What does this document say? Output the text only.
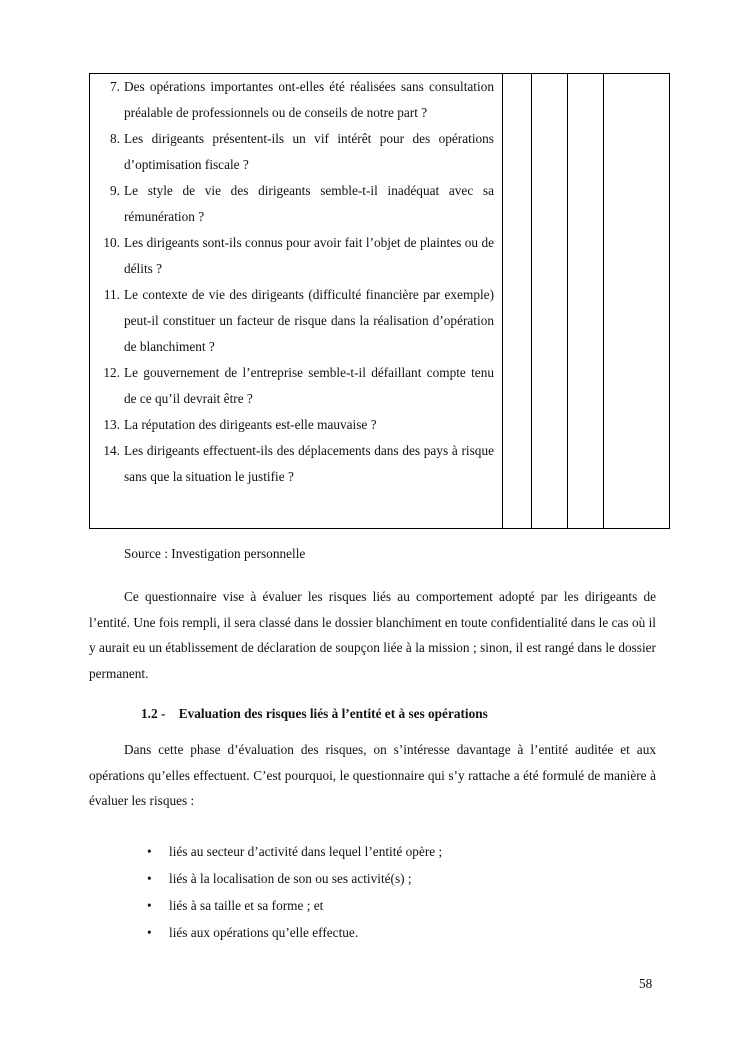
7. Des opérations importantes ont-elles été réalisées sans consultation préalable de professionnels ou de conseils de notre part ?
8. Les dirigeants présentent-ils un vif intérêt pour des opérations d’optimisation fiscale ?
9. Le style de vie des dirigeants semble-t-il inadéquat avec sa rémunération ?
10. Les dirigeants sont-ils connus pour avoir fait l’objet de plaintes ou de délits ?
11. Le contexte de vie des dirigeants (difficulté financière par exemple) peut-il constituer un facteur de risque dans la réalisation d’opération de blanchiment ?
12. Le gouvernement de l’entreprise semble-t-il défaillant compte tenu de ce qu’il devrait être ?
13. La réputation des dirigeants est-elle mauvaise ?
14. Les dirigeants effectuent-ils des déplacements dans des pays à risque sans que la situation le justifie ?
Source : Investigation personnelle

Ce questionnaire vise à évaluer les risques liés au comportement adopté par les dirigeants de l’entité. Une fois rempli, il sera classé dans le dossier blanchiment en toute confidentialité dans le cas où il y aurait eu un établissement de déclaration de soupçon liée à la mission ; sinon, il est rangé dans le dossier permanent.

1.2 - Evaluation des risques liés à l’entité et à ses opérations

Dans cette phase d’évaluation des risques, on s’intéresse davantage à l’entité auditée et aux opérations qu’elles effectuent. C’est pourquoi, le questionnaire qui s’y rattache a été formulé de manière à évaluer les risques :

• liés au secteur d’activité dans lequel l’entité opère ;
• liés à la localisation de son ou ses activité(s) ;
• liés à sa taille et sa forme ; et
• liés aux opérations qu’elle effectue.
58
